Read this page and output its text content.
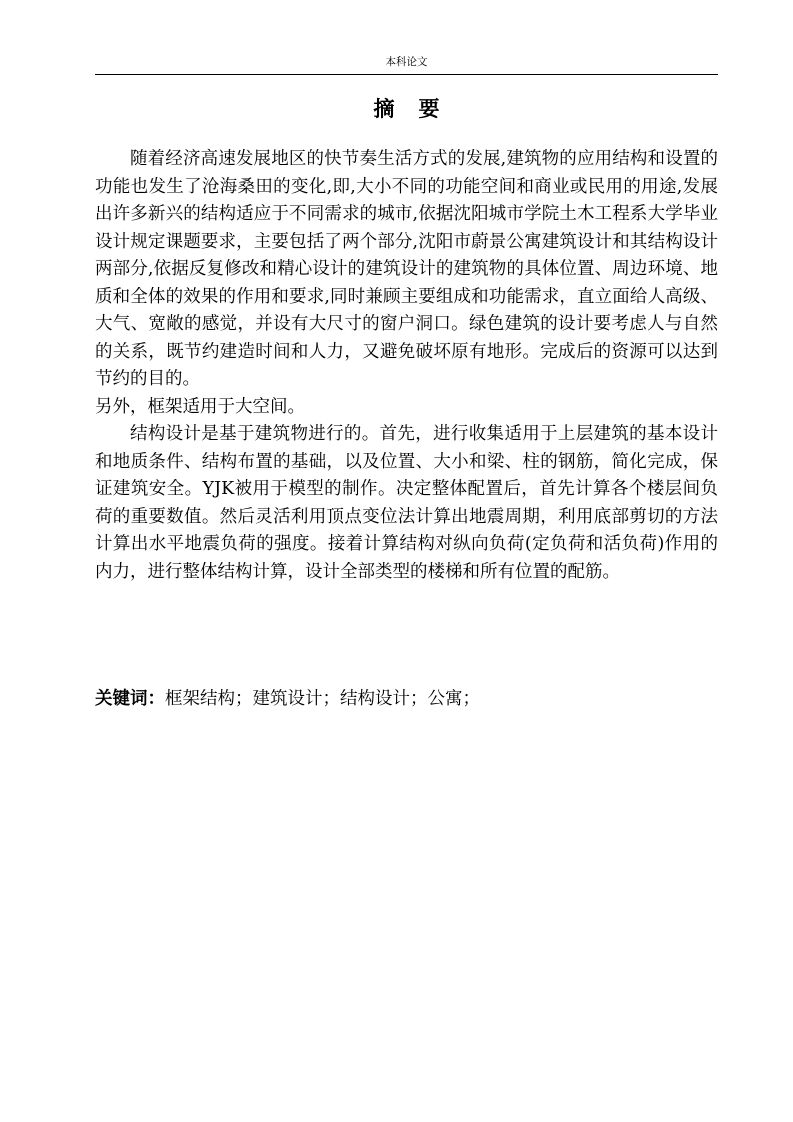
本科论文
摘 要

随着经济高速发展地区的快节奏生活方式的发展,建筑物的应用结构和设置的功能也发生了沧海桑田的变化,即,大小不同的功能空间和商业或民用的用途,发展出许多新兴的结构适应于不同需求的城市,依据沈阳城市学院土木工程系大学毕业设计规定课题要求，主要包括了两个部分,沈阳市蔚景公寓建筑设计和其结构设计两部分,依据反复修改和精心设计的建筑设计的建筑物的具体位置、周边环境、地质和全体的效果的作用和要求,同时兼顾主要组成和功能需求，直立面给人高级、大气、宽敞的感觉，并设有大尺寸的窗户洞口。绿色建筑的设计要考虑人与自然的关系，既节约建造时间和人力，又避免破坏原有地形。完成后的资源可以达到节约的目的。

另外，框架适用于大空间。

结构设计是基于建筑物进行的。首先，进行收集适用于上层建筑的基本设计和地质条件、结构布置的基础，以及位置、大小和梁、柱的钢筋，简化完成，保证建筑安全。YJK被用于模型的制作。决定整体配置后，首先计算各个楼层间负荷的重要数值。然后灵活利用顶点变位法计算出地震周期，利用底部剪切的方法计算出水平地震负荷的强度。接着计算结构对纵向负荷(定负荷和活负荷)作用的内力，进行整体结构计算，设计全部类型的楼梯和所有位置的配筋。

关键词：框架结构；建筑设计；结构设计；公寓；
